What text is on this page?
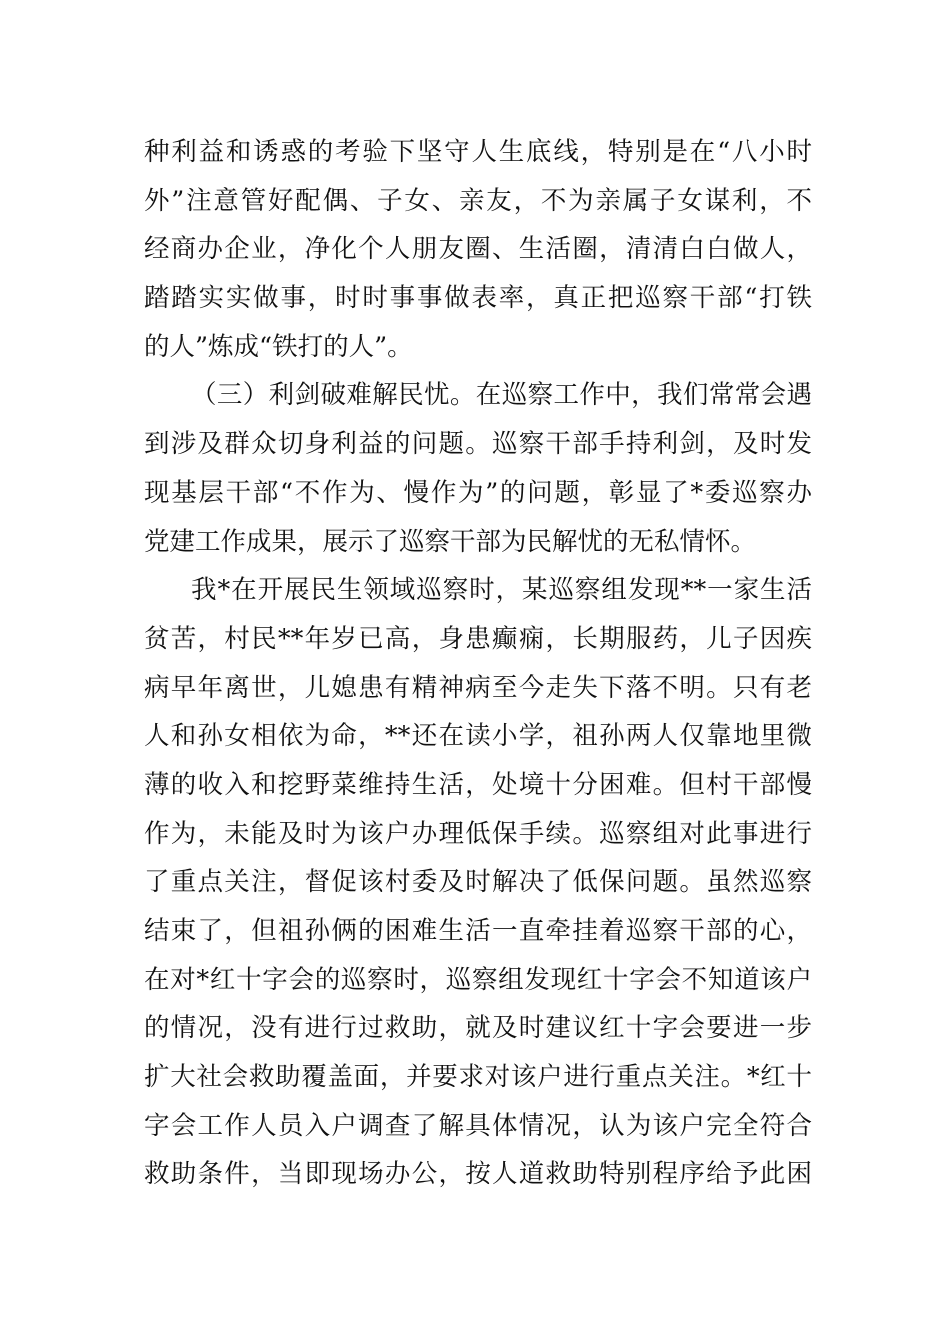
种利益和诱惑的考验下坚守人生底线，特别是在“八小时
外”注意管好配偶、子女、亲友，不为亲属子女谋利，不
经商办企业，净化个人朋友圈、生活圈，清清白白做人，
踏踏实实做事，时时事事做表率，真正把巡察干部“打铁
的人”炼成“铁打的人”。
（三）利剑破难解民忧。在巡察工作中，我们常常会遇
到涉及群众切身利益的问题。巡察干部手持利剑，及时发
现基层干部“不作为、慢作为”的问题，彰显了*委巡察办
党建工作成果，展示了巡察干部为民解忧的无私情怀。
我*在开展民生领域巡察时，某巡察组发现**一家生活
贫苦，村民**年岁已高，身患癫痫，长期服药，儿子因疾
病早年离世，儿媳患有精神病至今走失下落不明。只有老
人和孙女相依为命，**还在读小学，祖孙两人仅靠地里微
薄的收入和挖野菜维持生活，处境十分困难。但村干部慢
作为，未能及时为该户办理低保手续。巡察组对此事进行
了重点关注，督促该村委及时解决了低保问题。虽然巡察
结束了，但祖孙俩的困难生活一直牵挂着巡察干部的心，
在对*红十字会的巡察时，巡察组发现红十字会不知道该户
的情况，没有进行过救助，就及时建议红十字会要进一步
扩大社会救助覆盖面，并要求对该户进行重点关注。*红十
字会工作人员入户调查了解具体情况，认为该户完全符合
救助条件，当即现场办公，按人道救助特别程序给予此困
